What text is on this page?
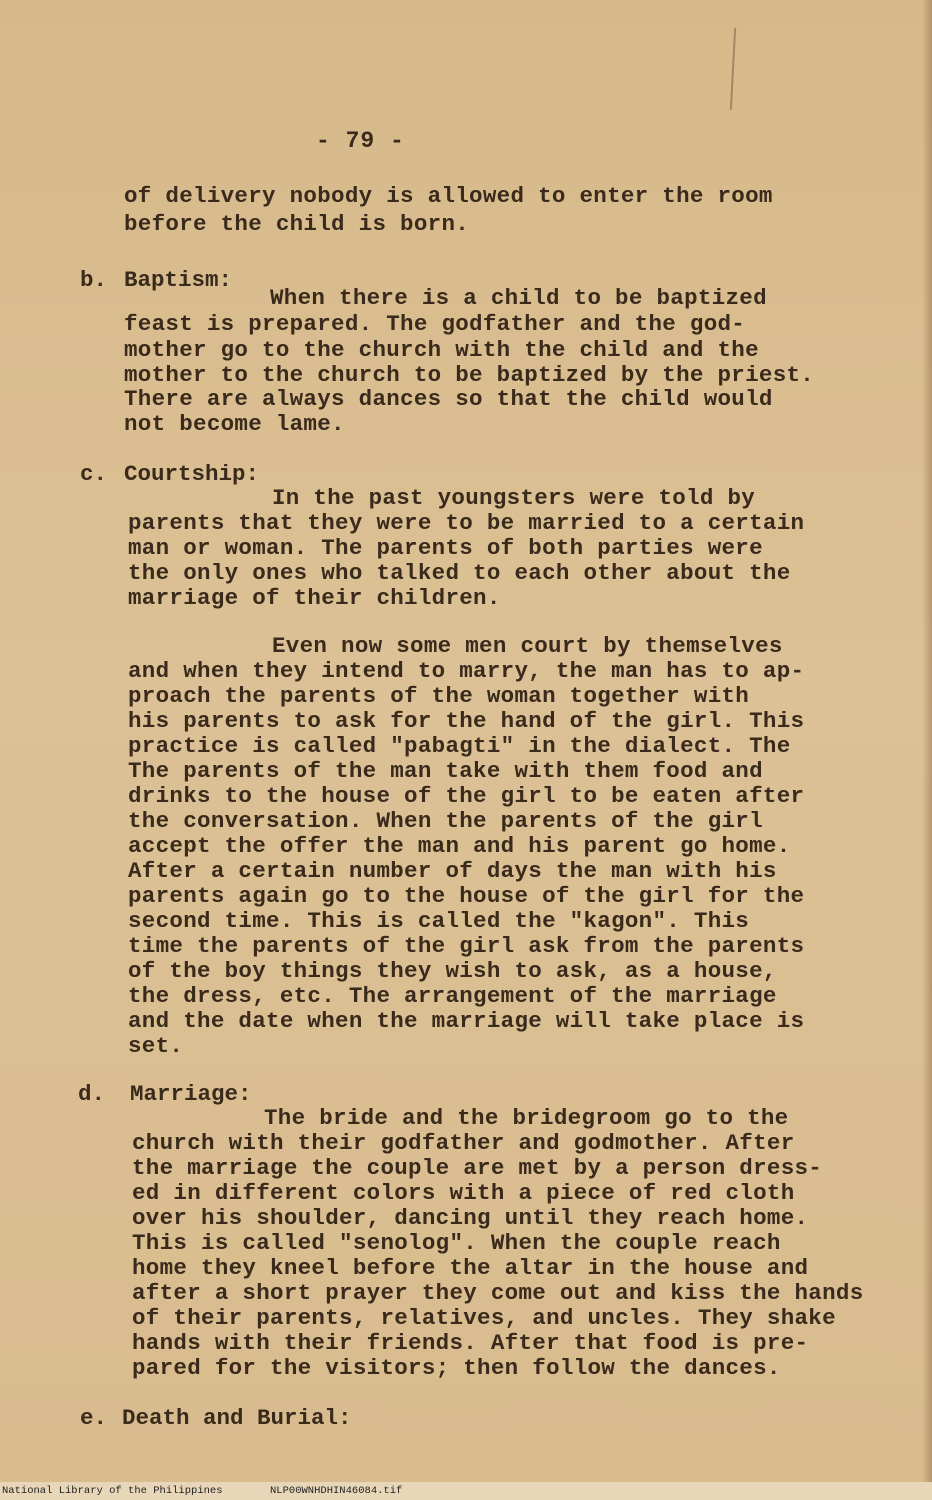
- 79 -
of delivery nobody is allowed to enter the room
before the child is born.
b. Baptism:
When there is a child to be baptized
feast is prepared. The godfather and the god-
mother go to the church with the child and the
mother to the church to be baptized by the priest.
There are always dances so that the child would
not become lame.
c. Courtship:
In the past youngsters were told by
parents that they were to be married to a certain
man or woman. The parents of both parties were
the only ones who talked to each other about the
marriage of their children.
Even now some men court by themselves
and when they intend to marry, the man has to ap-
proach the parents of the woman together with
his parents to ask for the hand of the girl. This
practice is called "pabagti" in the dialect. The
The parents of the man take with them food and
drinks to the house of the girl to be eaten after
the conversation. When the parents of the girl
accept the offer the man and his parent go home.
After a certain number of days the man with his
parents again go to the house of the girl for the
second time. This is called the "kagon". This
time the parents of the girl ask from the parents
of the boy things they wish to ask, as a house,
the dress, etc. The arrangement of the marriage
and the date when the marriage will take place is
set.
d. Marriage:
The bride and the bridegroom go to the
church with their godfather and godmother. After
the marriage the couple are met by a person dress-
ed in different colors with a piece of red cloth
over his shoulder, dancing until they reach home.
This is called "senolog". When the couple reach
home they kneel before the altar in the house and
after a short prayer they come out and kiss the hands
of their parents, relatives, and uncles. They shake
hands with their friends. After that food is pre-
pared for the visitors; then follow the dances.
e. Death and Burial:
National Library of the Philippines	NLP00WNHDHIN46084.tif
